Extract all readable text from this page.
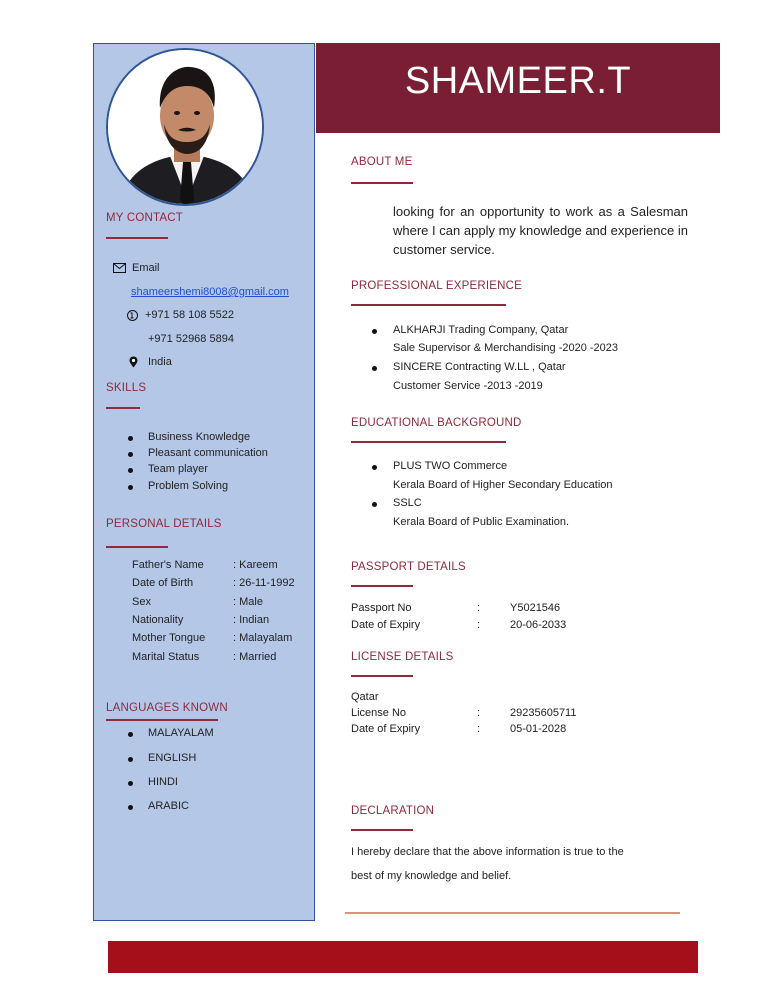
SHAMEER.T
MY CONTACT
Email
shameershemi8008@gmail.com
+971 58 108 5522
+971 52968 5894
India
SKILLS
Business Knowledge
Pleasant communication
Team player
Problem Solving
PERSONAL DETAILS
Father's Name	: Kareem
Date of Birth	: 26-11-1992
Sex	: Male
Nationality	: Indian
Mother Tongue	: Malayalam
Marital Status	: Married
LANGUAGES KNOWN
MALAYALAM
ENGLISH
HINDI
ARABIC
ABOUT ME
looking for an opportunity to work as a Salesman where I can apply my knowledge and experience in customer service.
PROFESSIONAL EXPERIENCE
ALKHARJI Trading Company, Qatar
Sale Supervisor & Merchandising -2020 -2023
SINCERE Contracting W.LL , Qatar
Customer Service -2013 -2019
EDUCATIONAL BACKGROUND
PLUS TWO Commerce
Kerala Board of Higher Secondary Education
SSLC
Kerala Board of Public Examination.
PASSPORT DETAILS
Passport No	:	Y5021546
Date of Expiry	:	20-06-2033
LICENSE DETAILS
Qatar
License No	:	29235605711
Date of Expiry	:	05-01-2028
DECLARATION
I hereby declare that the above information is true to the
best of my knowledge and belief.
